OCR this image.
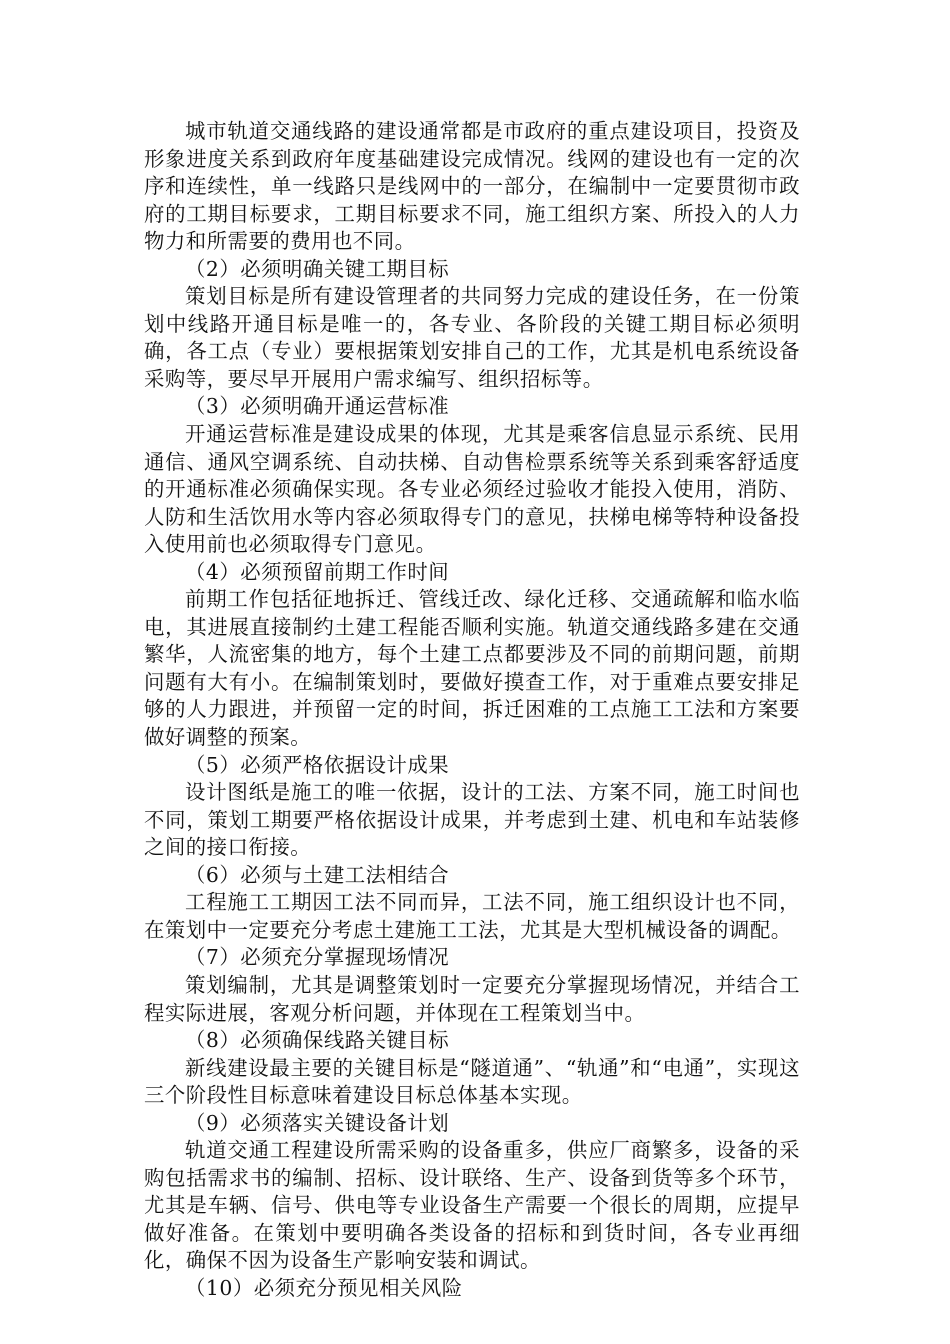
城市轨道交通线路的建设通常都是市政府的重点建设项目，投资及形象进度关系到政府年度基础建设完成情况。线网的建设也有一定的次序和连续性，单一线路只是线网中的一部分，在编制中一定要贯彻市政府的工期目标要求，工期目标要求不同，施工组织方案、所投入的人力物力和所需要的费用也不同。

（2）必须明确关键工期目标

策划目标是所有建设管理者的共同努力完成的建设任务，在一份策划中线路开通目标是唯一的，各专业、各阶段的关键工期目标必须明确，各工点（专业）要根据策划安排自己的工作，尤其是机电系统设备采购等，要尽早开展用户需求编写、组织招标等。

（3）必须明确开通运营标准

开通运营标准是建设成果的体现，尤其是乘客信息显示系统、民用通信、通风空调系统、自动扶梯、自动售检票系统等关系到乘客舒适度的开通标准必须确保实现。各专业必须经过验收才能投入使用，消防、人防和生活饮用水等内容必须取得专门的意见，扶梯电梯等特种设备投入使用前也必须取得专门意见。

（4）必须预留前期工作时间

前期工作包括征地拆迁、管线迁改、绿化迁移、交通疏解和临水临电，其进展直接制约土建工程能否顺利实施。轨道交通线路多建在交通繁华，人流密集的地方，每个土建工点都要涉及不同的前期问题，前期问题有大有小。在编制策划时，要做好摸查工作，对于重难点要安排足够的人力跟进，并预留一定的时间，拆迁困难的工点施工工法和方案要做好调整的预案。

（5）必须严格依据设计成果

设计图纸是施工的唯一依据，设计的工法、方案不同，施工时间也不同，策划工期要严格依据设计成果，并考虑到土建、机电和车站装修之间的接口衔接。

（6）必须与土建工法相结合

工程施工工期因工法不同而异，工法不同，施工组织设计也不同，在策划中一定要充分考虑土建施工工法，尤其是大型机械设备的调配。

（7）必须充分掌握现场情况

策划编制，尤其是调整策划时一定要充分掌握现场情况，并结合工程实际进展，客观分析问题，并体现在工程策划当中。

（8）必须确保线路关键目标

新线建设最主要的关键目标是“隧道通”、“轨通”和“电通”，实现这三个阶段性目标意味着建设目标总体基本实现。

（9）必须落实关键设备计划

轨道交通工程建设所需采购的设备重多，供应厂商繁多，设备的采购包括需求书的编制、招标、设计联络、生产、设备到货等多个环节，尤其是车辆、信号、供电等专业设备生产需要一个很长的周期，应提早做好准备。在策划中要明确各类设备的招标和到货时间，各专业再细化，确保不因为设备生产影响安装和调试。

（10）必须充分预见相关风险
